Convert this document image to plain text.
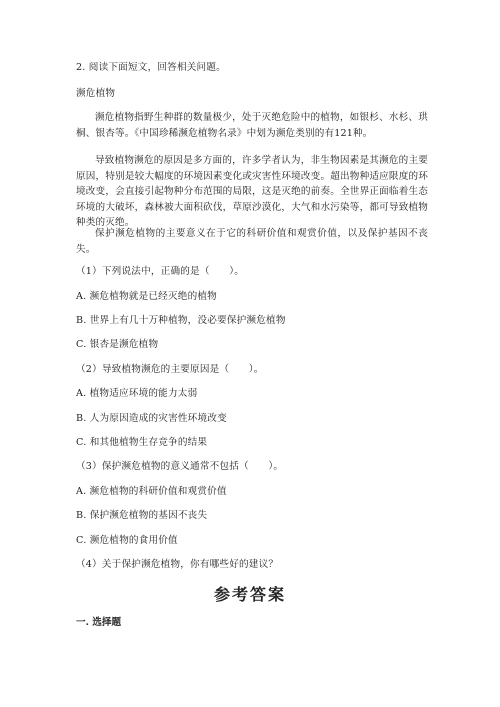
2. 阅读下面短文，回答相关问题。
濒危植物
濒危植物指野生种群的数量极少，处于灭绝危险中的植物，如银杉、水杉、珙桐、银杏等。《中国珍稀濒危植物名录》中划为濒危类别的有121种。
导致植物濒危的原因是多方面的，许多学者认为，非生物因素是其濒危的主要原因，特别是较大幅度的环境因素变化或灾害性环境改变。超出物种适应限度的环境改变，会直接引起物种分布范围的局限，这是灭绝的前奏。全世界正面临着生态环境的大破坏，森林被大面积砍伐，草原沙漠化，大气和水污染等，都可导致植物种类的灭绝。
保护濒危植物的主要意义在于它的科研价值和观赏价值，以及保护基因不丧失。
（1）下列说法中，正确的是（　　）。
A. 濒危植物就是已经灭绝的植物
B. 世界上有几十万种植物，没必要保护濒危植物
C. 银杏是濒危植物
（2）导致植物濒危的主要原因是（　　）。
A. 植物适应环境的能力太弱
B. 人为原因造成的灾害性环境改变
C. 和其他植物生存竞争的结果
（3）保护濒危植物的意义通常不包括（　　）。
A. 濒危植物的科研价值和观赏价值
B. 保护濒危植物的基因不丧失
C. 濒危植物的食用价值
（4）关于保护濒危植物，你有哪些好的建议？
参考答案
一. 选择题
